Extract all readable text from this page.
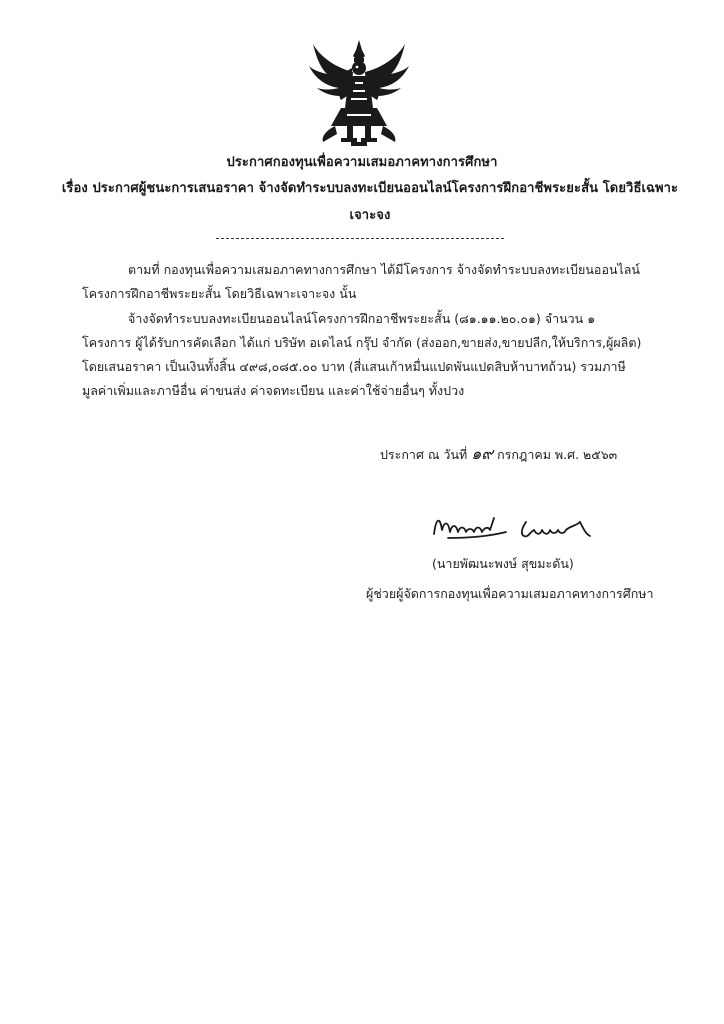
ประกาศกองทุนเพื่อความเสมอภาคทางการศึกษา
เรื่อง ประกาศผู้ชนะการเสนอราคา จ้างจัดทำระบบลงทะเบียนออนไลน์โครงการฝึกอาชีพระยะสั้น โดยวิธีเฉพาะเจาะจง
ตามที่ กองทุนเพื่อความเสมอภาคทางการศึกษา ได้มีโครงการ จ้างจัดทำระบบลงทะเบียนออนไลน์ โครงการฝึกอาชีพระยะสั้น โดยวิธีเฉพาะเจาะจง นั้น
จ้างจัดทำระบบลงทะเบียนออนไลน์โครงการฝึกอาชีพระยะสั้น (๘๑.๑๑.๒๐.๐๑) จำนวน ๑ โครงการ ผู้ได้รับการคัดเลือก ได้แก่ บริษัท อเดไลน์ กรุ๊ป จำกัด (ส่งออก,ขายส่ง,ขายปลีก,ให้บริการ,ผู้ผลิต) โดยเสนอราคา เป็นเงินทั้งสิ้น ๔๙๘,๐๘๕.๐๐ บาท (สี่แสนเก้าหมื่นแปดพันแปดสิบห้าบาทถ้วน) รวมภาษีมูลค่าเพิ่มและภาษีอื่น ค่าขนส่ง ค่าจดทะเบียน และค่าใช้จ่ายอื่นๆ ทั้งปวง
ประกาศ ณ วันที่ ๑๙ กรกฎาคม พ.ศ. ๒๕๖๓
(นายพัฒนะพงษ์ สุขมะดัน)
ผู้ช่วยผู้จัดการกองทุนเพื่อความเสมอภาคทางการศึกษา
